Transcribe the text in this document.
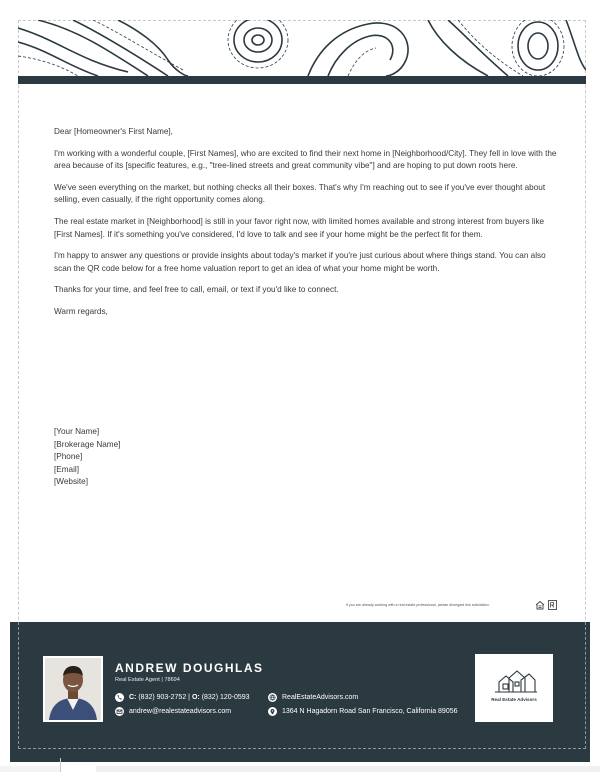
Dear [Homeowner's First Name],

I'm working with a wonderful couple, [First Names], who are excited to find their next home in [Neighborhood/City]. They fell in love with the area because of its [specific features, e.g., "tree-lined streets and great community vibe"] and are hoping to put down roots here.

We've seen everything on the market, but nothing checks all their boxes. That's why I'm reaching out to see if you've ever thought about selling, even casually, if the right opportunity comes along.

The real estate market in [Neighborhood] is still in your favor right now, with limited homes available and strong interest from buyers like [First Names]. If it's something you've considered, I'd love to talk and see if your home might be the perfect fit for them.

I'm happy to answer any questions or provide insights about today's market if you're just curious about where things stand. You can also scan the QR code below for a free home valuation report to get an idea of what your home might be worth.

Thanks for your time, and feel free to call, email, or text if you'd like to connect.

Warm regards,

[Your Name]
[Brokerage Name]
[Phone]
[Email]
[Website]
If you are already working with a real estate professional, please disregard this solicitation.
ANDREW DOUGHLAS
Real Estate Agent | 78694
C: (832) 903-2752 | O: (832) 120-0593
andrew@realestateadvisors.com
RealEstateAdvisors.com
1364 N Hagadorn Road San Francisco, California 89056
Real Estate Advisors
